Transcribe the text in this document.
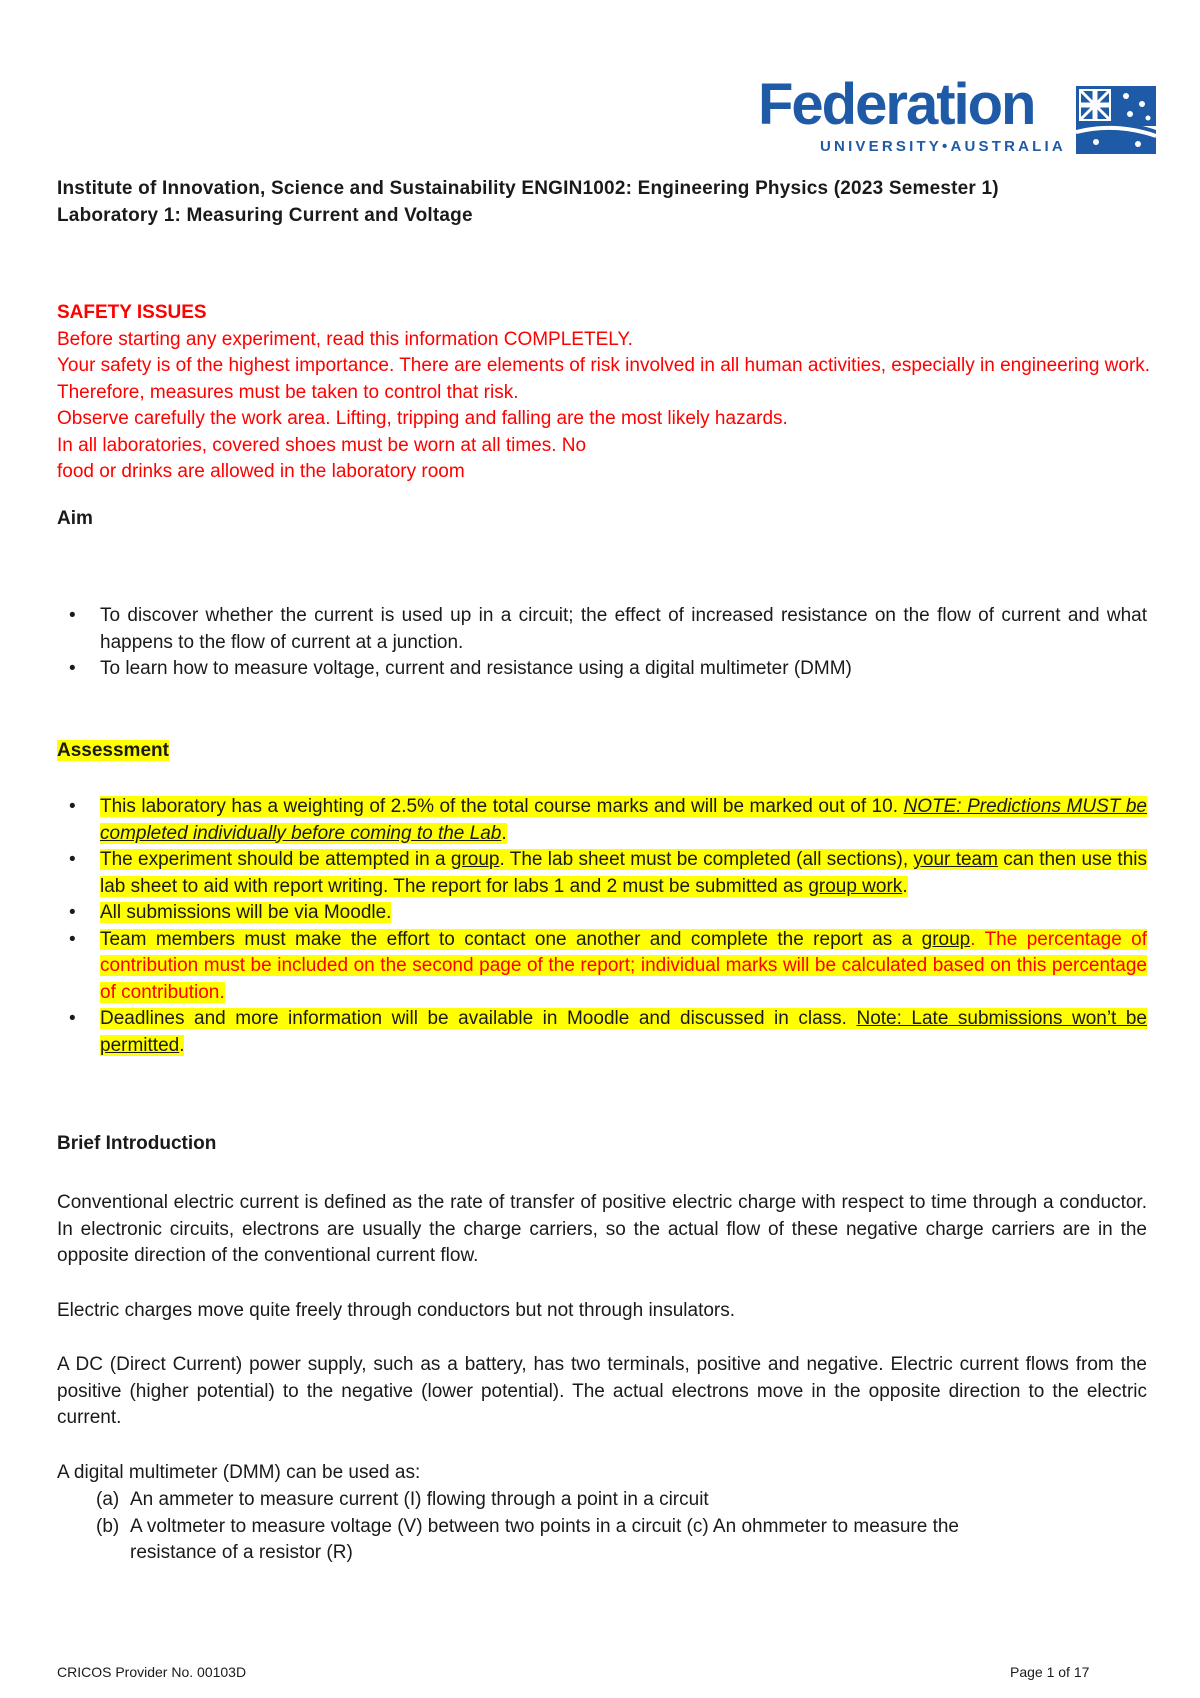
Federation
UNIVERSITY•AUSTRALIA
Institute of Innovation, Science and Sustainability ENGIN1002: Engineering Physics (2023 Semester 1)
Laboratory 1: Measuring Current and Voltage
SAFETY ISSUES
Before starting any experiment, read this information COMPLETELY.
Your safety is of the highest importance. There are elements of risk involved in all human activities, especially in engineering work. Therefore, measures must be taken to control that risk.
Observe carefully the work area. Lifting, tripping and falling are the most likely hazards.
In all laboratories, covered shoes must be worn at all times. No
food or drinks are allowed in the laboratory room
Aim
• To discover whether the current is used up in a circuit; the effect of increased resistance on the flow of current and what happens to the flow of current at a junction.
• To learn how to measure voltage, current and resistance using a digital multimeter (DMM)
Assessment
• This laboratory has a weighting of 2.5% of the total course marks and will be marked out of 10. NOTE: Predictions MUST be completed individually before coming to the Lab.
• The experiment should be attempted in a group. The lab sheet must be completed (all sections), your team can then use this lab sheet to aid with report writing. The report for labs 1 and 2 must be submitted as group work.
• All submissions will be via Moodle.
• Team members must make the effort to contact one another and complete the report as a group. The percentage of contribution must be included on the second page of the report; individual marks will be calculated based on this percentage of contribution.
• Deadlines and more information will be available in Moodle and discussed in class. Note: Late submissions won’t be permitted.
Brief Introduction
Conventional electric current is defined as the rate of transfer of positive electric charge with respect to time through a conductor. In electronic circuits, electrons are usually the charge carriers, so the actual flow of these negative charge carriers are in the opposite direction of the conventional current flow.
Electric charges move quite freely through conductors but not through insulators.
A DC (Direct Current) power supply, such as a battery, has two terminals, positive and negative. Electric current flows from the positive (higher potential) to the negative (lower potential). The actual electrons move in the opposite direction to the electric current.
A digital multimeter (DMM) can be used as:
(a) An ammeter to measure current (I) flowing through a point in a circuit
(b) A voltmeter to measure voltage (V) between two points in a circuit (c) An ohmmeter to measure the resistance of a resistor (R)
CRICOS Provider No. 00103D	Page 1 of 17
